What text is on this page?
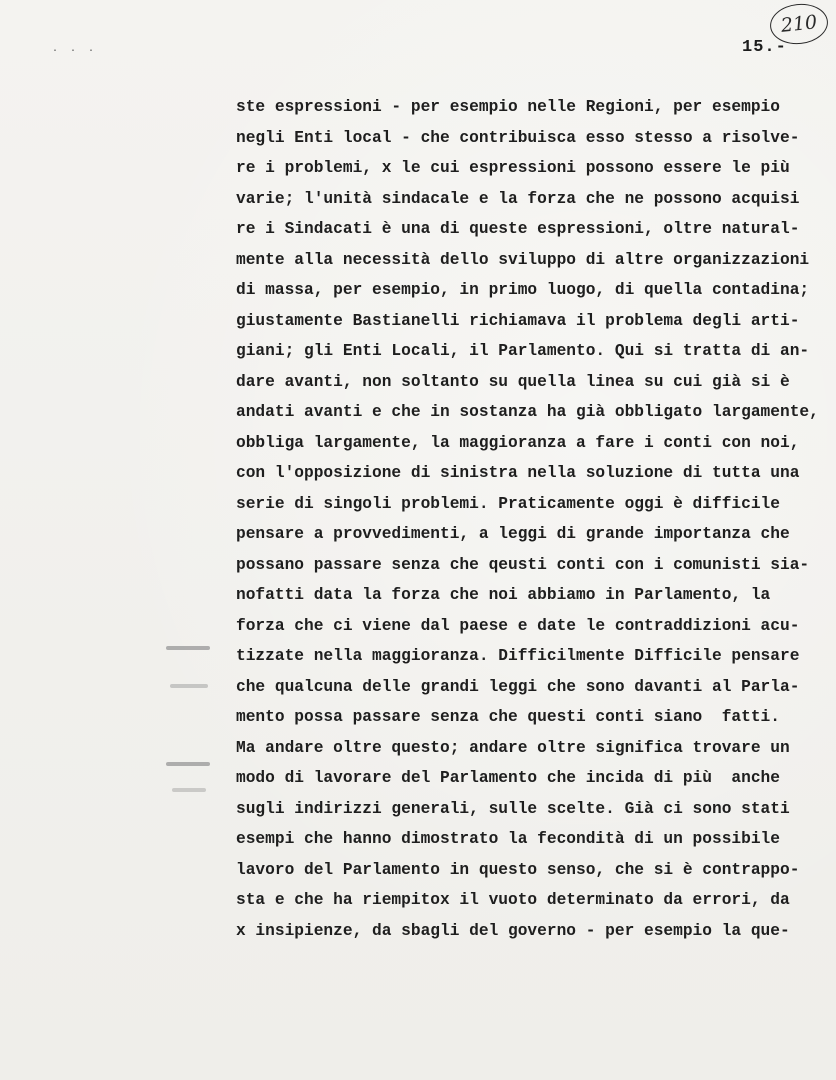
210
15.-
. . .
ste espressioni - per esempio nelle Regioni, per esempio
negli Enti local - che contribuisca esso stesso a risolve-
re i problemi, x le cui espressioni possono essere le più
varie; l'unità sindacale e la forza che ne possono acquisi
re i Sindacati è una di queste espressioni, oltre natural-
mente alla necessità dello sviluppo di altre organizzazioni
di massa, per esempio, in primo luogo, di quella contadina;
giustamente Bastianelli richiamava il problema degli arti-
giani; gli Enti Locali, il Parlamento. Qui si tratta di an-
dare avanti, non soltanto su quella linea su cui già si è
andati avanti e che in sostanza ha già obbligato largamente,
obbliga largamente, la maggioranza a fare i conti con noi,
con l'opposizione di sinistra nella soluzione di tutta una
serie di singoli problemi. Praticamente oggi è difficile
pensare a provvedimenti, a leggi di grande importanza che
possano passare senza che qeusti conti con i comunisti sia-
nofatti data la forza che noi abbiamo in Parlamento, la
forza che ci viene dal paese e date le contraddizioni acu-
tizzate nella maggioranza. Difficilmente Difficile pensare
che qualcuna delle grandi leggi che sono davanti al Parla-
mento possa passare senza che questi conti siano  fatti.
Ma andare oltre questo; andare oltre significa trovare un
modo di lavorare del Parlamento che incida di più  anche
sugli indirizzi generali, sulle scelte. Già ci sono stati
esempi che hanno dimostrato la fecondità di un possibile
lavoro del Parlamento in questo senso, che si è contrappo-
sta e che ha riempitox il vuoto determinato da errori, da
x insipienze, da sbagli del governo - per esempio la que-
